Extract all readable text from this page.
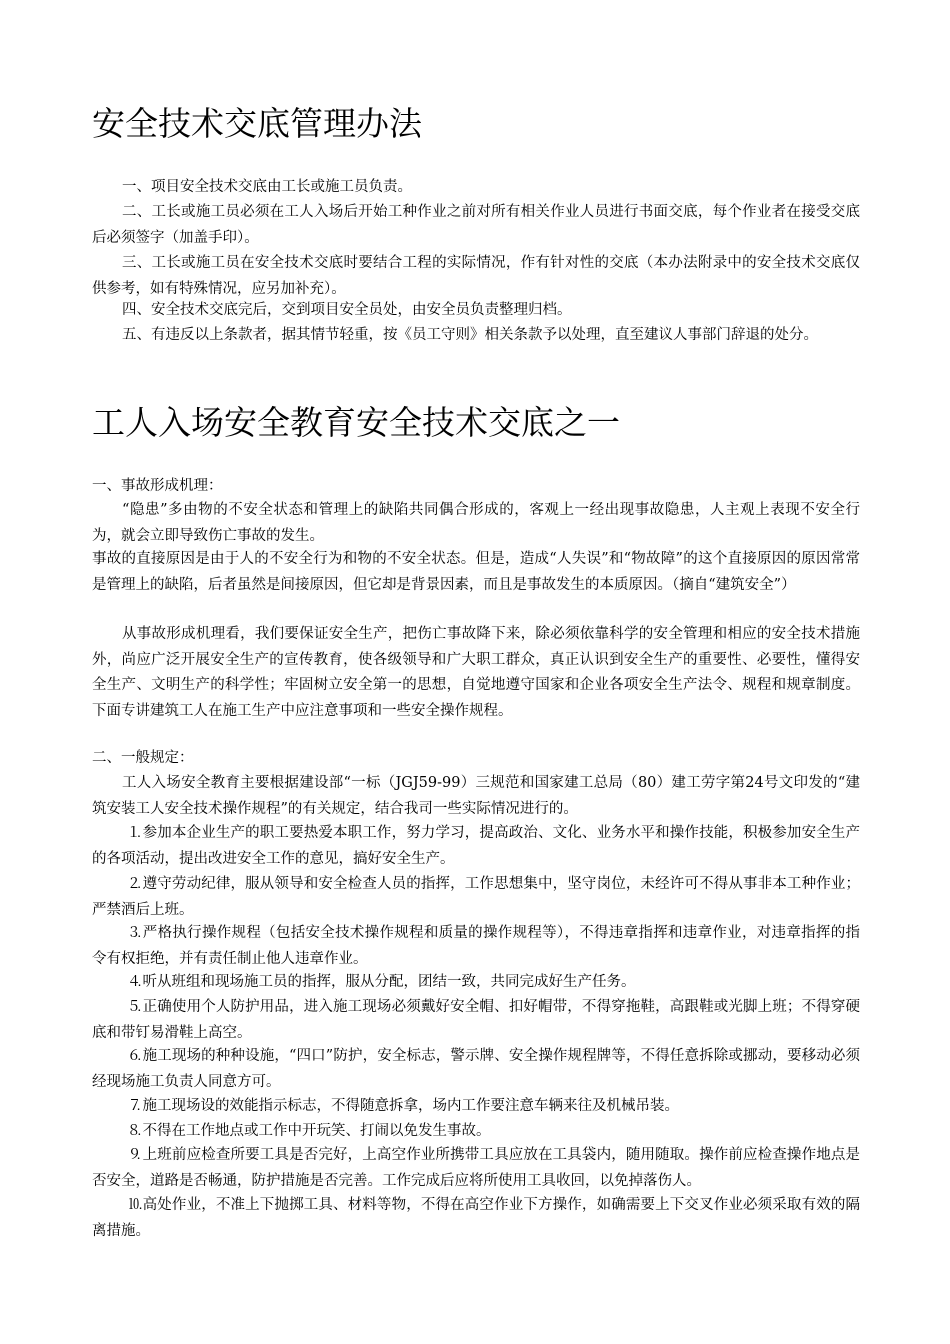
安全技术交底管理办法

一、项目安全技术交底由工长或施工员负责。

二、工长或施工员必须在工人入场后开始工种作业之前对所有相关作业人员进行书面交底，每个作业者在接受交底后必须签字（加盖手印）。

三、工长或施工员在安全技术交底时要结合工程的实际情况，作有针对性的交底（本办法附录中的安全技术交底仅供参考，如有特殊情况，应另加补充）。

四、安全技术交底完后，交到项目安全员处，由安全员负责整理归档。

五、有违反以上条款者，据其情节轻重，按《员工守则》相关条款予以处理，直至建议人事部门辞退的处分。

工人入场安全教育安全技术交底之一

一、事故形成机理：

“隐患”多由物的不安全状态和管理上的缺陷共同偶合形成的，客观上一经出现事故隐患，人主观上表现不安全行为，就会立即导致伤亡事故的发生。

事故的直接原因是由于人的不安全行为和物的不安全状态。但是，造成“人失误”和“物故障”的这个直接原因的原因常常是管理上的缺陷，后者虽然是间接原因，但它却是背景因素，而且是事故发生的本质原因。（摘自“建筑安全”）

从事故形成机理看，我们要保证安全生产，把伤亡事故降下来，除必须依靠科学的安全管理和相应的安全技术措施外，尚应广泛开展安全生产的宣传教育，使各级领导和广大职工群众，真正认识到安全生产的重要性、必要性，懂得安全生产、文明生产的科学性；牢固树立安全第一的思想，自觉地遵守国家和企业各项安全生产法令、规程和规章制度。下面专讲建筑工人在施工生产中应注意事项和一些安全操作规程。

二、一般规定：

工人入场安全教育主要根据建设部“一标（JGJ59-99）三规范和国家建工总局（80）建工劳字第24号文印发的“建筑安装工人安全技术操作规程”的有关规定，结合我司一些实际情况进行的。

⒈参加本企业生产的职工要热爱本职工作，努力学习，提高政治、文化、业务水平和操作技能，积极参加安全生产的各项活动，提出改进安全工作的意见，搞好安全生产。

⒉遵守劳动纪律，服从领导和安全检查人员的指挥，工作思想集中，坚守岗位，未经许可不得从事非本工种作业；严禁酒后上班。

⒊严格执行操作规程（包括安全技术操作规程和质量的操作规程等），不得违章指挥和违章作业，对违章指挥的指令有权拒绝，并有责任制止他人违章作业。

⒋听从班组和现场施工员的指挥，服从分配，团结一致，共同完成好生产任务。

⒌正确使用个人防护用品，进入施工现场必须戴好安全帽、扣好帽带，不得穿拖鞋，高跟鞋或光脚上班；不得穿硬底和带钉易滑鞋上高空。

⒍施工现场的种种设施，“四口”防护，安全标志，警示牌、安全操作规程牌等，不得任意拆除或挪动，要移动必须经现场施工负责人同意方可。

⒎施工现场设的效能指示标志，不得随意拆拿，场内工作要注意车辆来往及机械吊装。

⒏不得在工作地点或工作中开玩笑、打闹以免发生事故。

⒐上班前应检查所要工具是否完好，上高空作业所携带工具应放在工具袋内，随用随取。操作前应检查操作地点是否安全，道路是否畅通，防护措施是否完善。工作完成后应将所使用工具收回，以免掉落伤人。

⒑高处作业，不准上下抛掷工具、材料等物，不得在高空作业下方操作，如确需要上下交叉作业必须采取有效的隔离措施。
